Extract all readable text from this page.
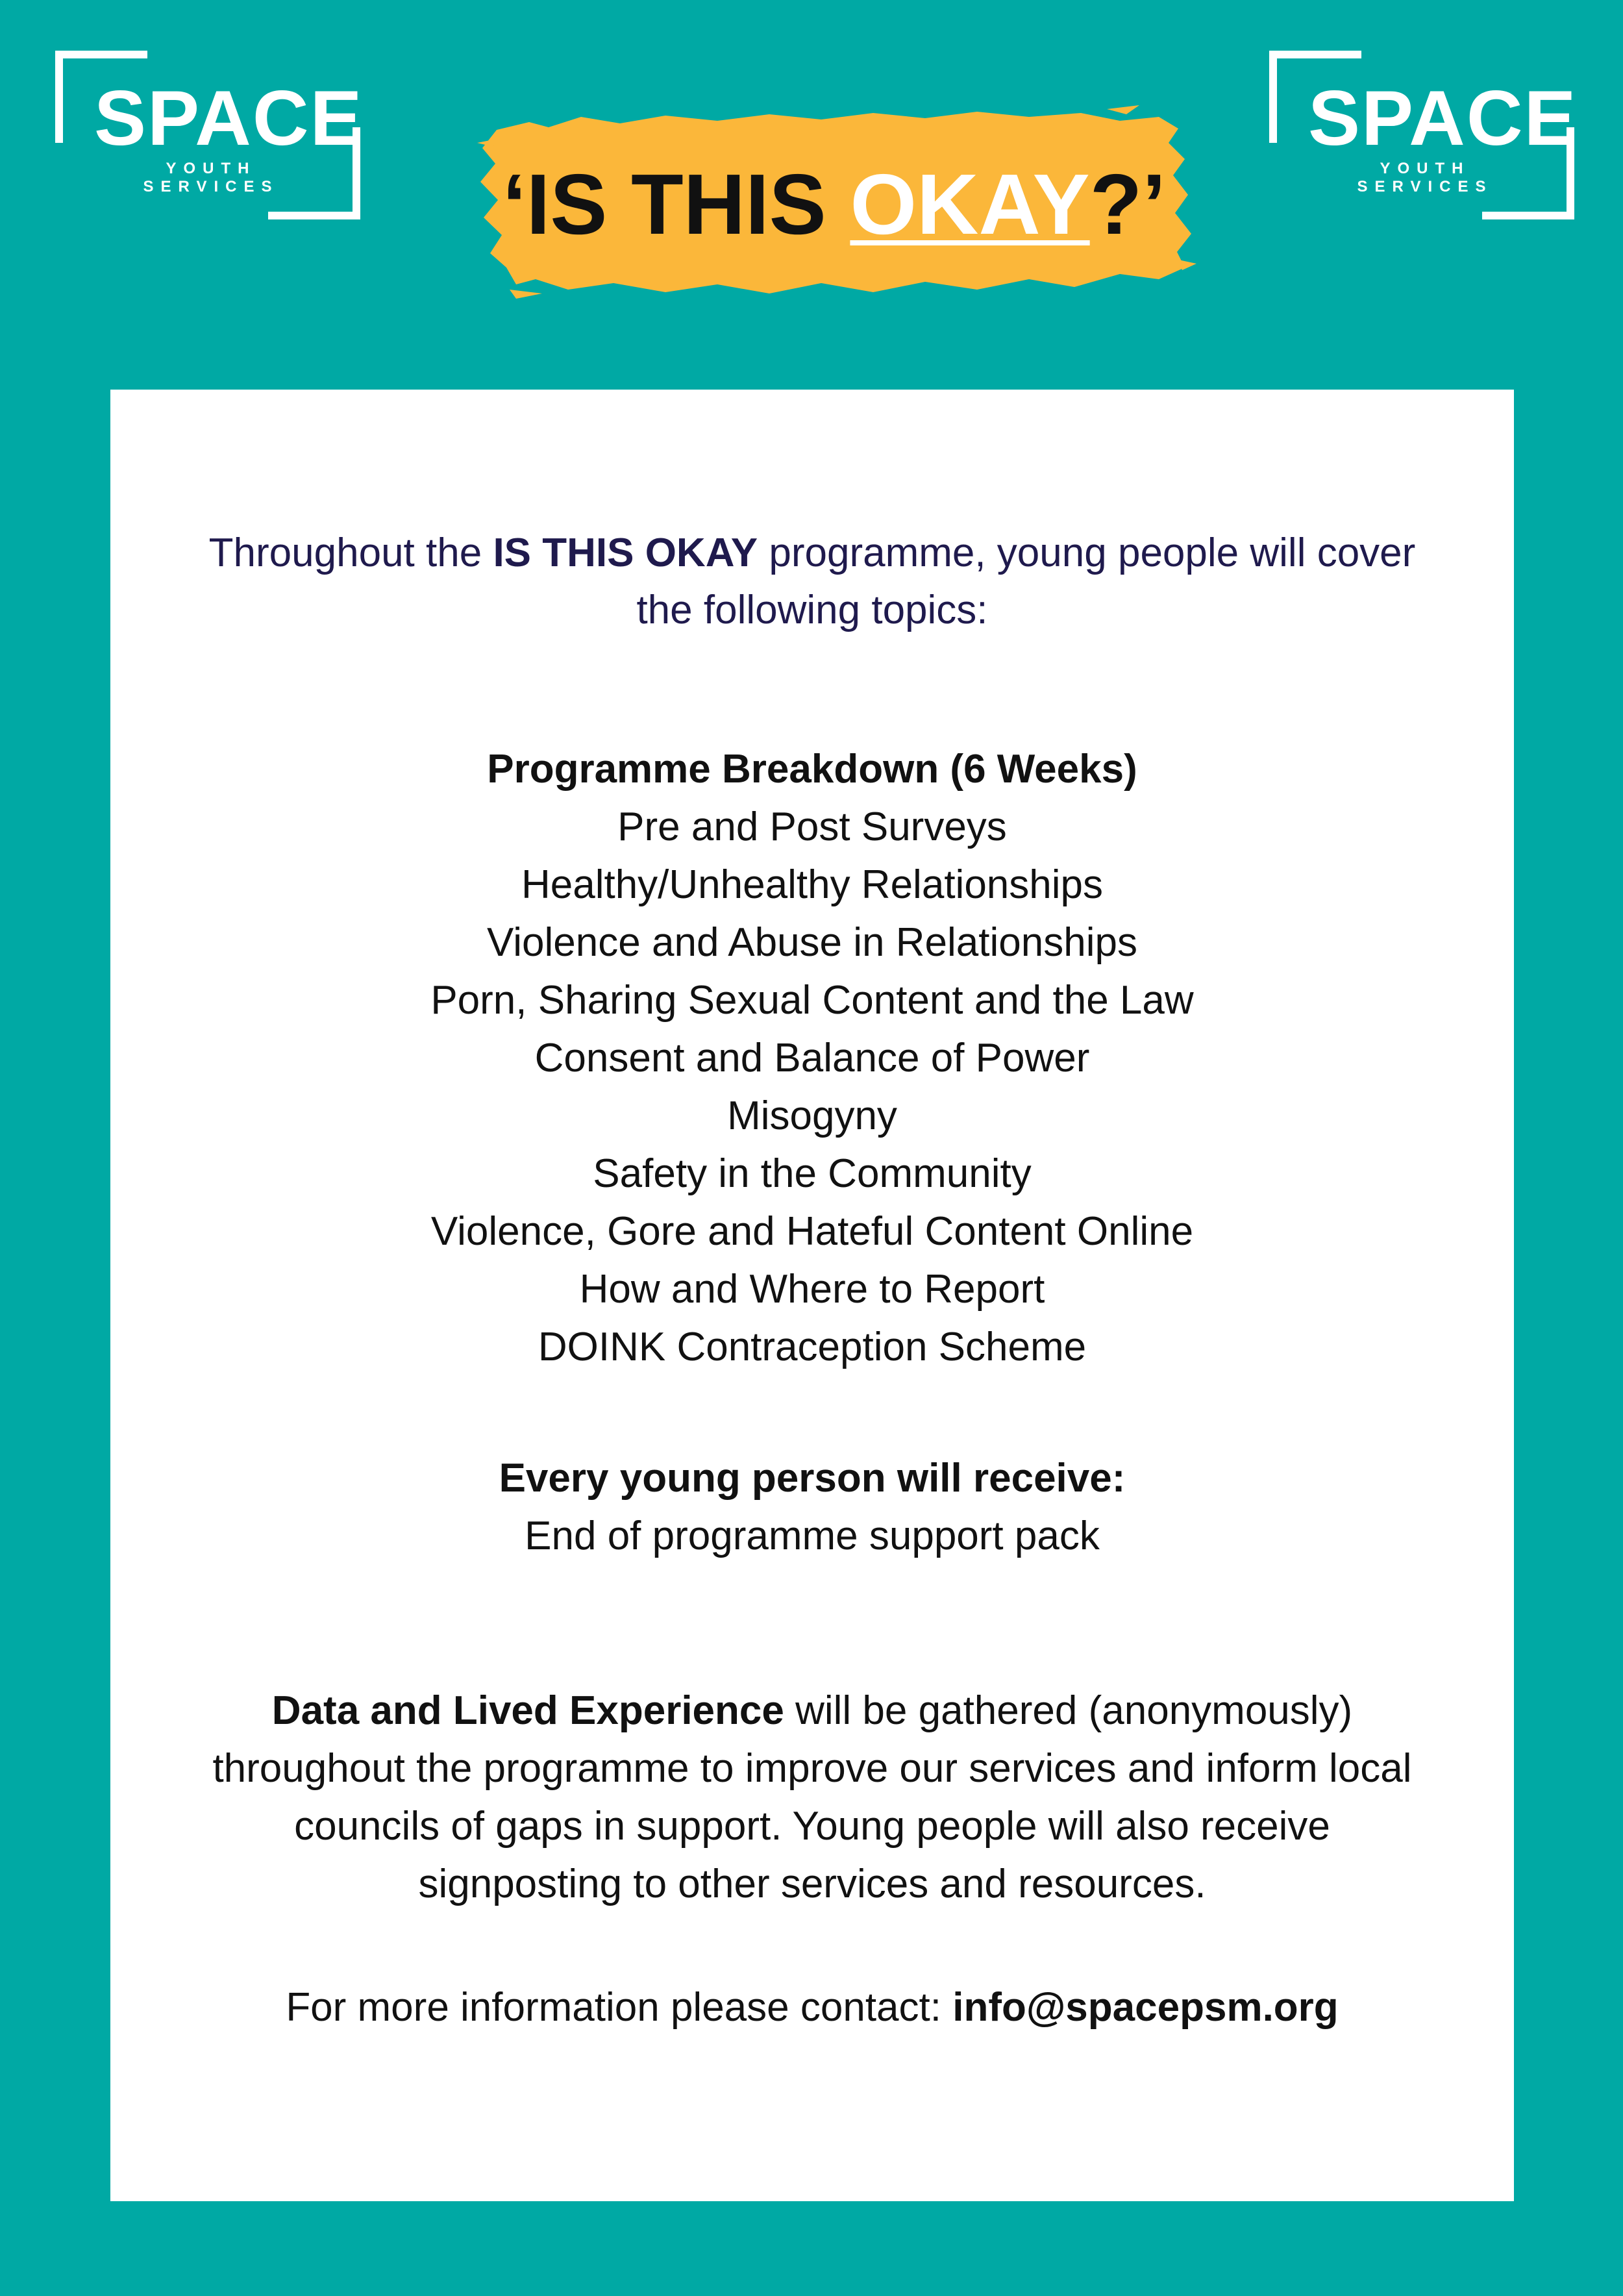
SPACE
YOUTH SERVICES
SPACE
YOUTH SERVICES
‘IS THIS OKAY?’
Throughout the IS THIS OKAY programme, young people will cover
the following topics:
Programme Breakdown (6 Weeks)
Pre and Post Surveys
Healthy/Unhealthy Relationships
Violence and Abuse in Relationships
Porn, Sharing Sexual Content and the Law
Consent and Balance of Power
Misogyny
Safety in the Community
Violence, Gore and Hateful Content Online
How and Where to Report
DOINK Contraception Scheme
Every young person will receive:
End of programme support pack
Data and Lived Experience will be gathered (anonymously)
throughout the programme to improve our services and inform local
councils of gaps in support. Young people will also receive
signposting to other services and resources.
For more information please contact: info@spacepsm.org
